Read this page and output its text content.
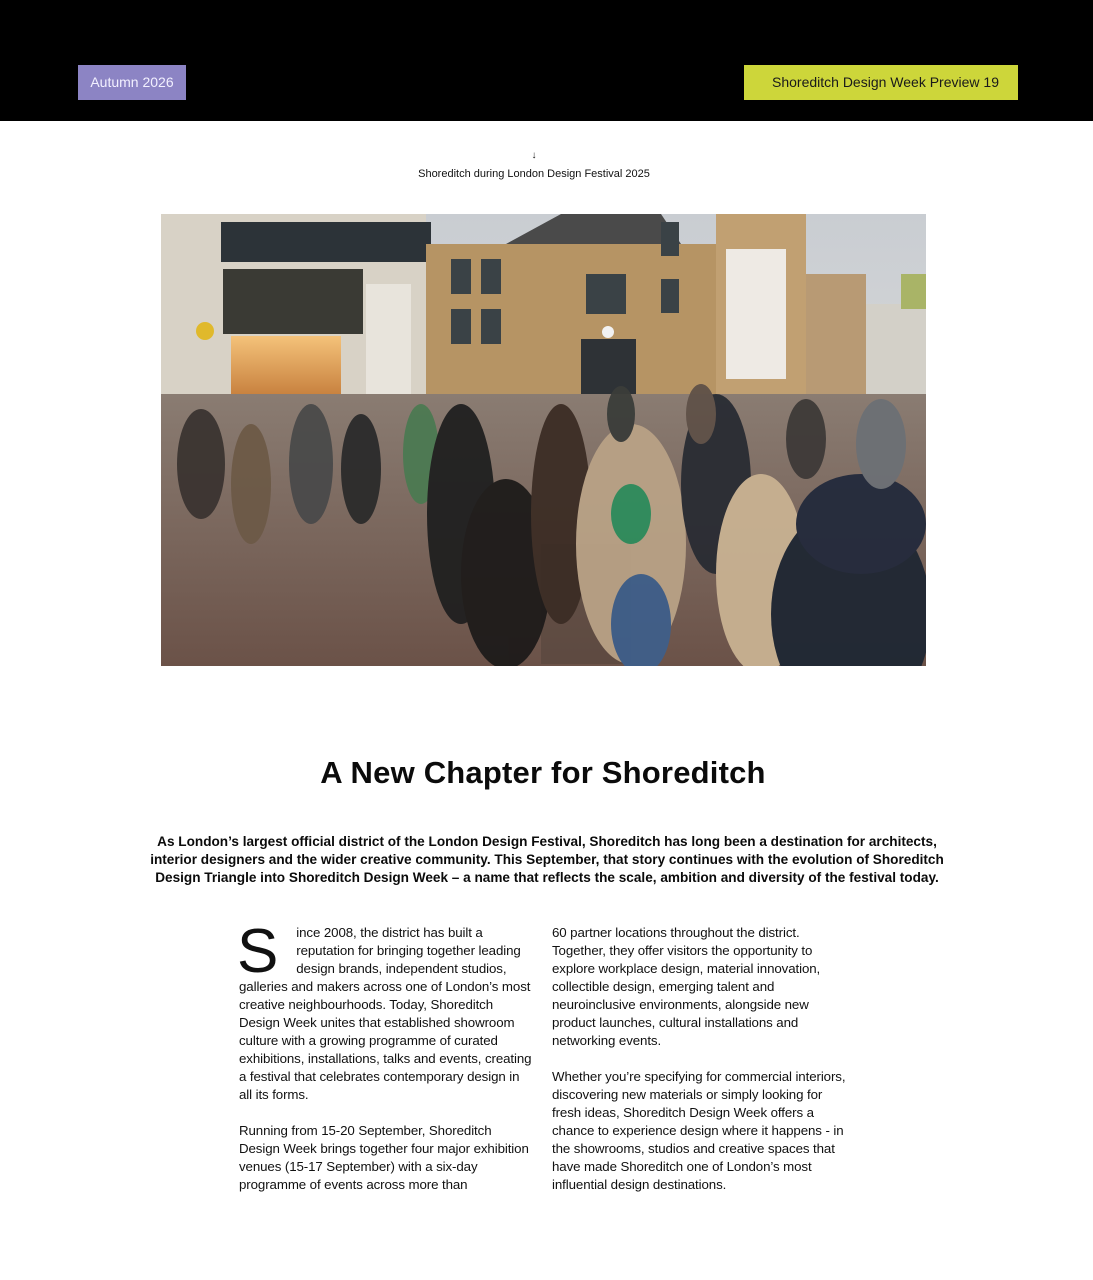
Autumn 2026	Shoreditch Design Week Preview 19
↓
Shoreditch during London Design Festival 2025
A New Chapter for Shoreditch

As London’s largest official district of the London Design Festival, Shoreditch has long been a destination for architects, interior designers and the wider creative community. This September, that story continues with the evolution of Shoreditch Design Triangle into Shoreditch Design Week – a name that reflects the scale, ambition and diversity of the festival today.

S ince 2008, the district has built a reputation for bringing together leading design brands, independent studios, galleries and makers across one of London’s most creative neighbourhoods. Today, Shoreditch Design Week unites that established showroom culture with a growing programme of curated exhibitions, installations, talks and events, creating a festival that celebrates contemporary design in all its forms.

Running from 15-20 September, Shoreditch Design Week brings together four major exhibition venues (15-17 September) with a six-day programme of events across more than

60 partner locations throughout the district. Together, they offer visitors the opportunity to explore workplace design, material innovation, collectible design, emerging talent and neuroinclusive environments, alongside new product launches, cultural installations and networking events.

Whether you’re specifying for commercial interiors, discovering new materials or simply looking for fresh ideas, Shoreditch Design Week offers a chance to experience design where it happens - in the showrooms, studios and creative spaces that have made Shoreditch one of London’s most influential design destinations.
